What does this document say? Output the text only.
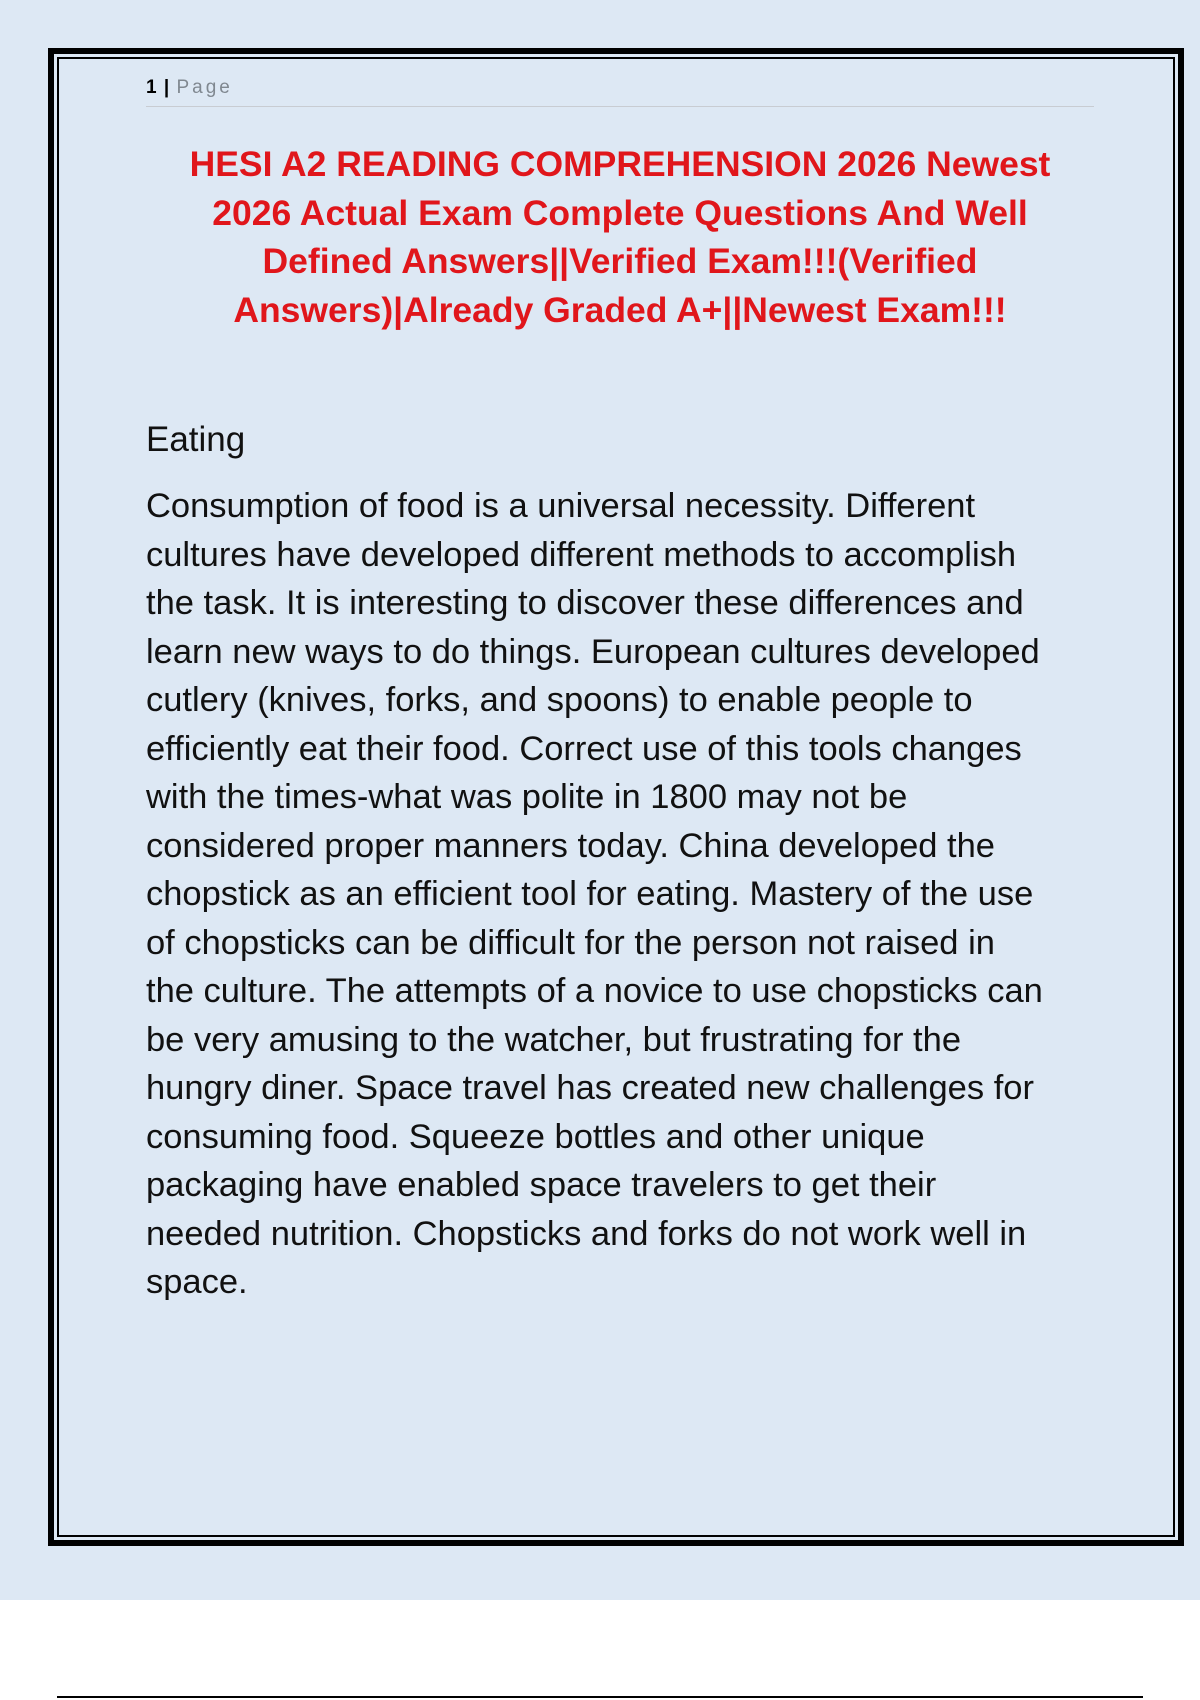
1 | Page
HESI A2 READING COMPREHENSION 2026 Newest
2026 Actual Exam Complete Questions And Well
Defined Answers||Verified Exam!!!(Verified
Answers)|Already Graded A+||Newest Exam!!!
Eating

Consumption of food is a universal necessity. Different
cultures have developed different methods to accomplish
the task. It is interesting to discover these differences and
learn new ways to do things. European cultures developed
cutlery (knives, forks, and spoons) to enable people to
efficiently eat their food. Correct use of this tools changes
with the times-what was polite in 1800 may not be
considered proper manners today. China developed the
chopstick as an efficient tool for eating. Mastery of the use
of chopsticks can be difficult for the person not raised in
the culture. The attempts of a novice to use chopsticks can
be very amusing to the watcher, but frustrating for the
hungry diner. Space travel has created new challenges for
consuming food. Squeeze bottles and other unique
packaging have enabled space travelers to get their
needed nutrition. Chopsticks and forks do not work well in
space.
